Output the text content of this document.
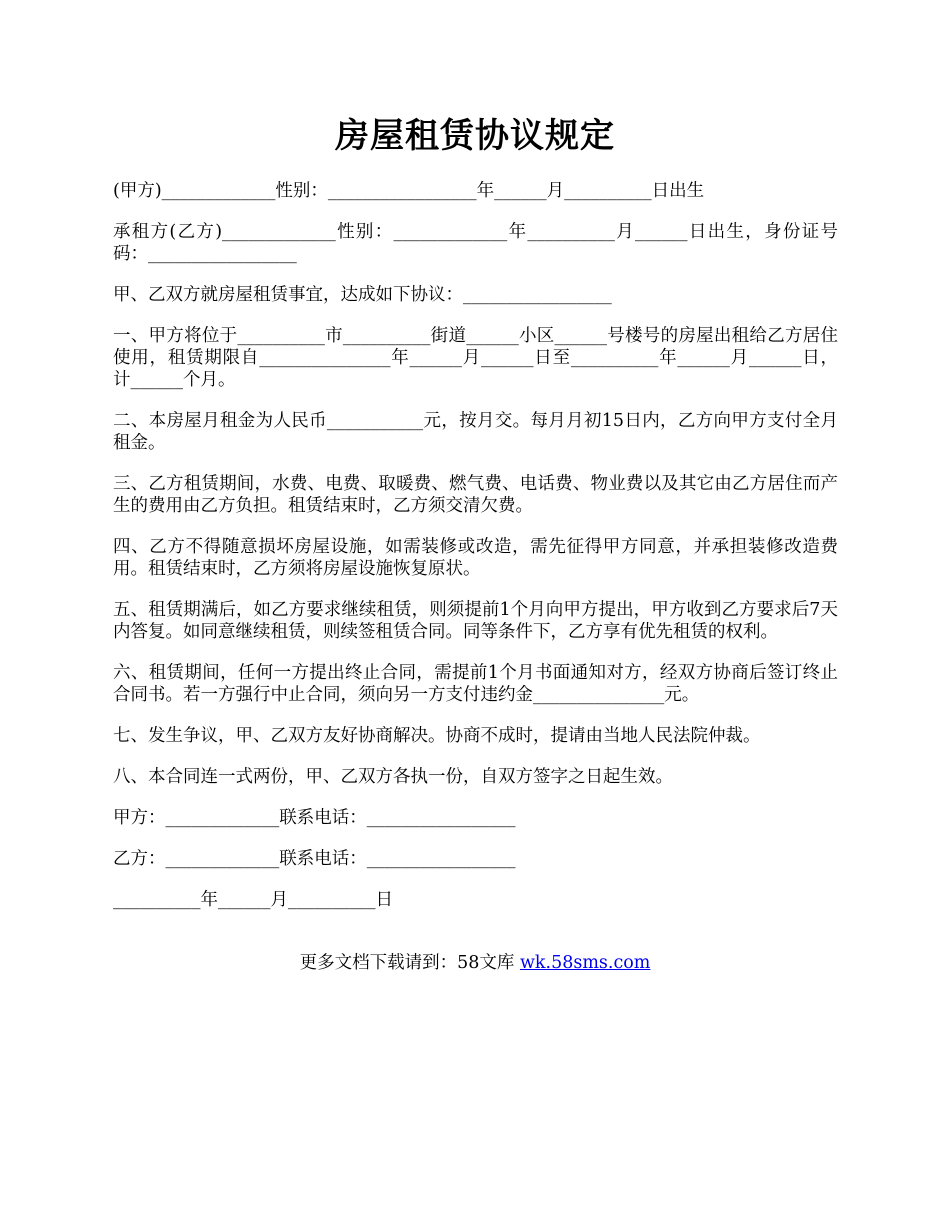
房屋租赁协议规定

(甲方)_____________性别：_________________年______月__________日出生

承租方(乙方)_____________性别：_____________年__________月______日出生，身份证号码：_________________

甲、乙双方就房屋租赁事宜，达成如下协议：_________________

一、甲方将位于__________市__________街道______小区______号楼号的房屋出租给乙方居住使用，租赁期限自_______________年______月______日至__________年______月______日，计______个月。

二、本房屋月租金为人民币___________元，按月交。每月月初15日内，乙方向甲方支付全月租金。

三、乙方租赁期间，水费、电费、取暖费、燃气费、电话费、物业费以及其它由乙方居住而产生的费用由乙方负担。租赁结束时，乙方须交清欠费。

四、乙方不得随意损坏房屋设施，如需装修或改造，需先征得甲方同意，并承担装修改造费用。租赁结束时，乙方须将房屋设施恢复原状。

五、租赁期满后，如乙方要求继续租赁，则须提前1个月向甲方提出，甲方收到乙方要求后7天内答复。如同意继续租赁，则续签租赁合同。同等条件下，乙方享有优先租赁的权利。

六、租赁期间，任何一方提出终止合同，需提前1个月书面通知对方，经双方协商后签订终止合同书。若一方强行中止合同，须向另一方支付违约金_______________元。

七、发生争议，甲、乙双方友好协商解决。协商不成时，提请由当地人民法院仲裁。

八、本合同连一式两份，甲、乙双方各执一份，自双方签字之日起生效。

甲方：_____________联系电话：_________________

乙方：_____________联系电话：_________________

__________年______月__________日

更多文档下载请到：58文库 wk.58sms.com
